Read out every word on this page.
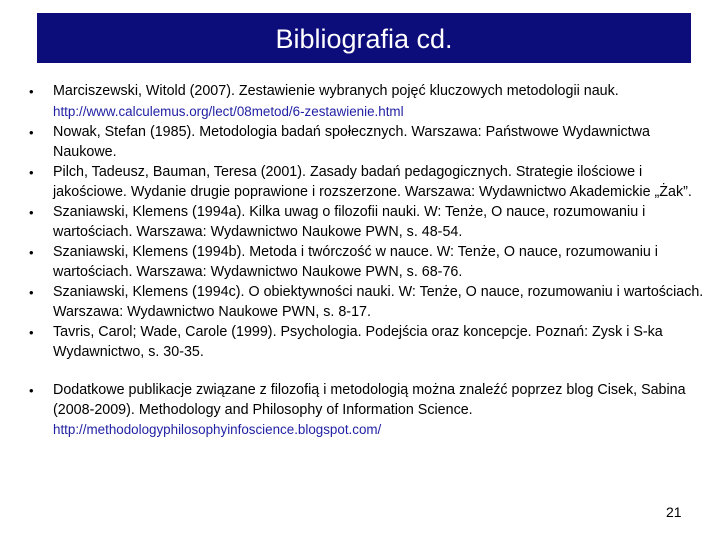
Bibliografia cd.
• Marciszewski, Witold (2007). Zestawienie wybranych pojęć kluczowych metodologii nauk.
http://www.calculemus.org/lect/08metod/6-zestawienie.html
• Nowak, Stefan (1985). Metodologia badań społecznych. Warszawa: Państwowe Wydawnictwa Naukowe.
• Pilch, Tadeusz, Bauman, Teresa (2001). Zasady badań pedagogicznych. Strategie ilościowe i jakościowe. Wydanie drugie poprawione i rozszerzone. Warszawa: Wydawnictwo Akademickie „Żak”.
• Szaniawski, Klemens (1994a). Kilka uwag o filozofii nauki. W: Tenże, O nauce, rozumowaniu i wartościach. Warszawa: Wydawnictwo Naukowe PWN, s. 48-54.
• Szaniawski, Klemens (1994b). Metoda i twórczość w nauce. W: Tenże, O nauce, rozumowaniu i wartościach. Warszawa: Wydawnictwo Naukowe PWN, s. 68-76.
• Szaniawski, Klemens (1994c). O obiektywności nauki. W: Tenże, O nauce, rozumowaniu i wartościach. Warszawa: Wydawnictwo Naukowe PWN, s. 8-17.
• Tavris, Carol; Wade, Carole (1999). Psychologia. Podejścia oraz koncepcje. Poznań: Zysk i S-ka Wydawnictwo, s. 30-35.
• Dodatkowe publikacje związane z filozofią i metodologią można znaleźć poprzez blog Cisek, Sabina (2008-2009). Methodology and Philosophy of Information Science.
http://methodologyphilosophyinfoscience.blogspot.com/
21
